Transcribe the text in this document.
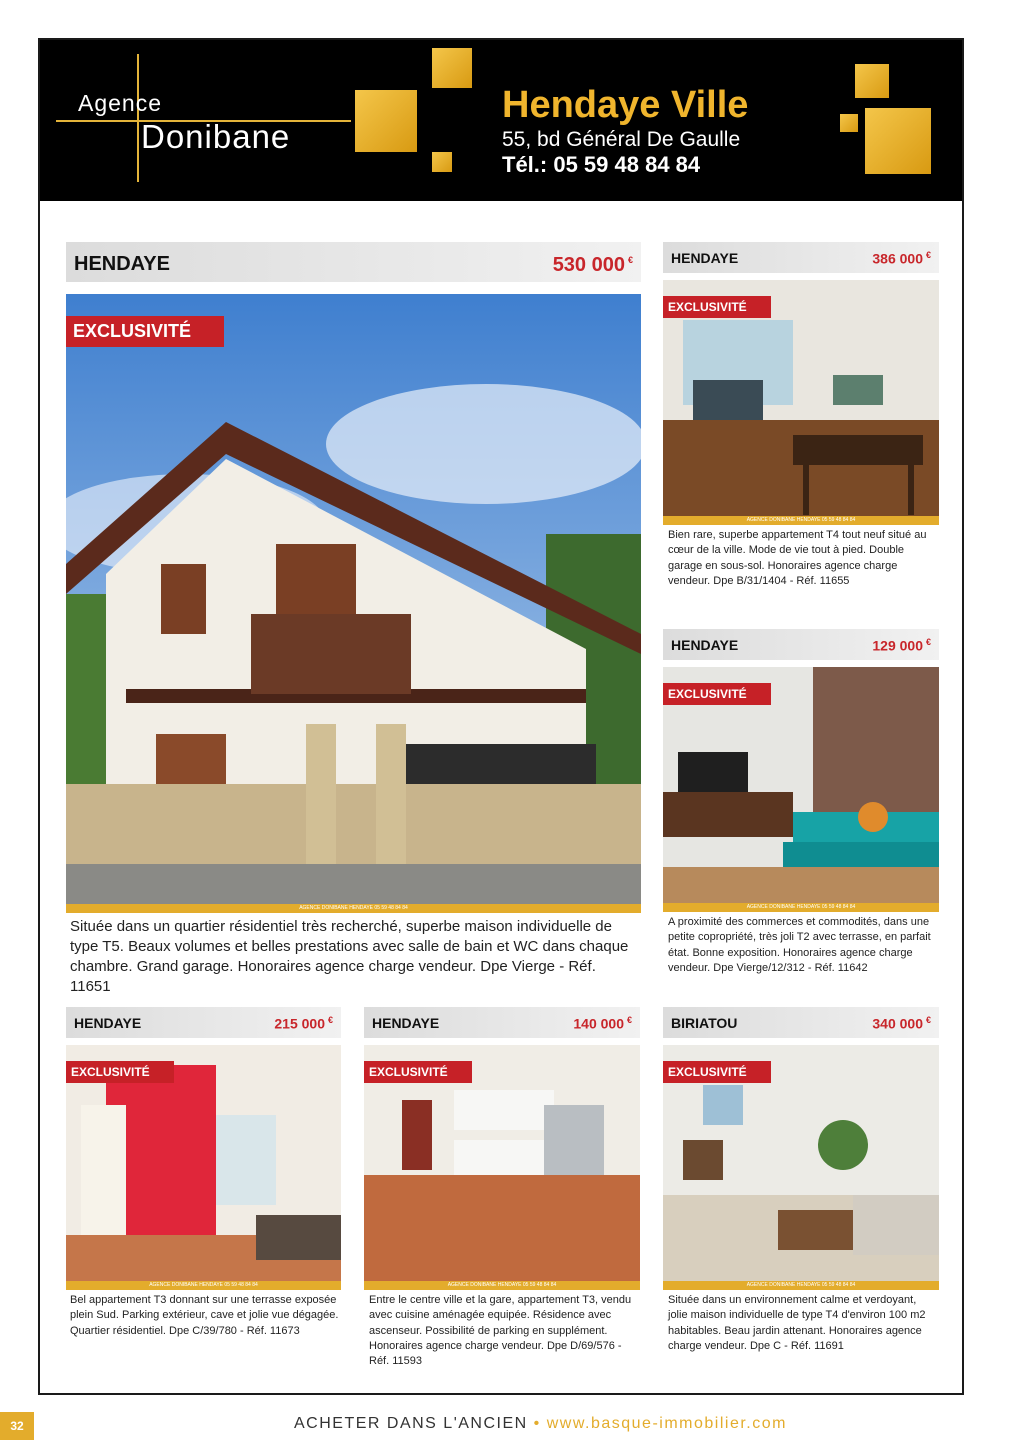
Agence
Donibane
Hendaye Ville
55, bd Général De Gaulle
Tél.: 05 59 48 84 84
HENDAYE	530 000 €
EXCLUSIVITÉ
AGENCE DONIBANE HENDAYE 05 59 48 84 84
Située dans un quartier résidentiel très recherché, superbe maison individuelle de type T5. Beaux volumes et belles prestations avec salle de bain et WC dans chaque chambre. Grand garage. Honoraires agence charge vendeur. Dpe Vierge - Réf. 11651
HENDAYE	386 000 €
EXCLUSIVITÉ
AGENCE DONIBANE HENDAYE 05 59 48 84 84
Bien rare, superbe appartement T4 tout neuf situé au cœur de la ville. Mode de vie tout à pied. Double garage en sous-sol. Honoraires agence charge vendeur. Dpe B/31/1404 - Réf. 11655
HENDAYE	129 000 €
EXCLUSIVITÉ
AGENCE DONIBANE HENDAYE 05 59 48 84 84
A proximité des commerces et commodités, dans une petite copropriété, très joli T2 avec terrasse, en parfait état. Bonne exposition. Honoraires agence charge vendeur. Dpe Vierge/12/312 - Réf. 11642
HENDAYE	215 000 €
EXCLUSIVITÉ
AGENCE DONIBANE HENDAYE 05 59 48 84 84
Bel appartement T3 donnant sur une terrasse exposée plein Sud. Parking extérieur, cave et jolie vue dégagée. Quartier résidentiel. Dpe C/39/780 - Réf. 11673
HENDAYE	140 000 €
EXCLUSIVITÉ
AGENCE DONIBANE HENDAYE 05 59 48 84 84
Entre le centre ville et la gare, appartement T3, vendu avec cuisine aménagée equipée. Résidence avec ascenseur. Possibilité de parking en supplément. Honoraires agence charge vendeur. Dpe D/69/576 - Réf. 11593
BIRIATOU	340 000 €
EXCLUSIVITÉ
AGENCE DONIBANE HENDAYE 05 59 48 84 84
Située dans un environnement calme et verdoyant, jolie maison individuelle de type T4 d'environ 100 m2 habitables. Beau jardin attenant. Honoraires agence charge vendeur. Dpe C - Réf. 11691
32	ACHETER DANS L'ANCIEN • www.basque-immobilier.com
